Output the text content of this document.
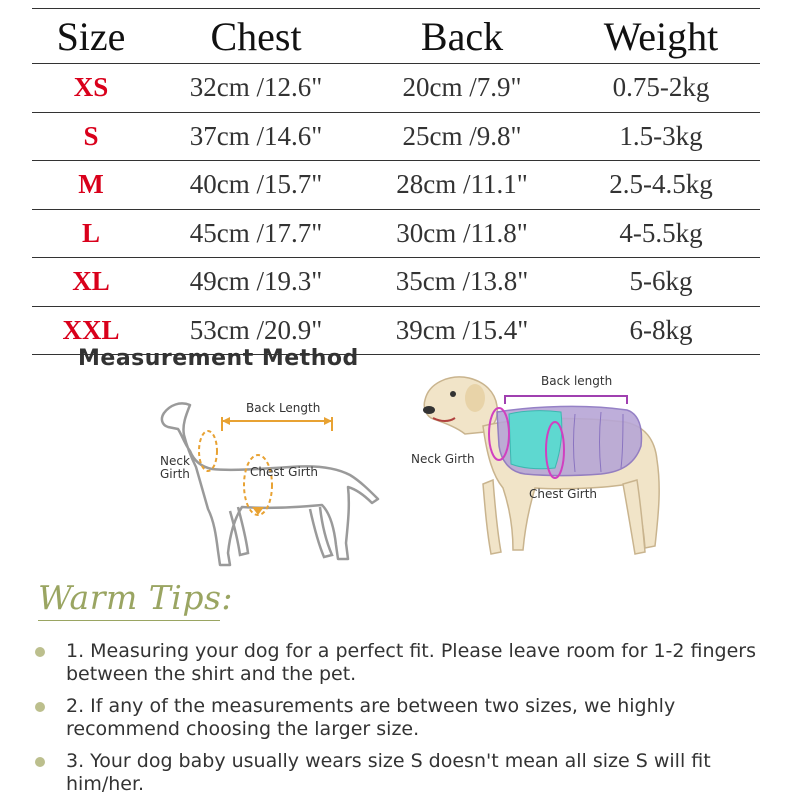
Size	Chest	Back	Weight
XS	32cm /12.6"	20cm /7.9"	0.75-2kg
S	37cm /14.6"	25cm /9.8"	1.5-3kg
M	40cm /15.7"	28cm /11.1"	2.5-4.5kg
L	45cm /17.7"	30cm /11.8"	4-5.5kg
XL	49cm /19.3"	35cm /13.8"	5-6kg
XXL	53cm /20.9"	39cm /15.4"	6-8kg
Measurement Method
Back Length
Neck Girth	Chest Girth
Back length
Neck Girth
Chest Girth
Warm Tips:
1. Measuring your dog for a perfect fit. Please leave room for 1-2 fingers between the shirt and the pet.
2. If any of the measurements are between two sizes, we highly recommend choosing the larger size.
3. Your dog baby usually wears size S doesn't mean all size S will fit him/her.
